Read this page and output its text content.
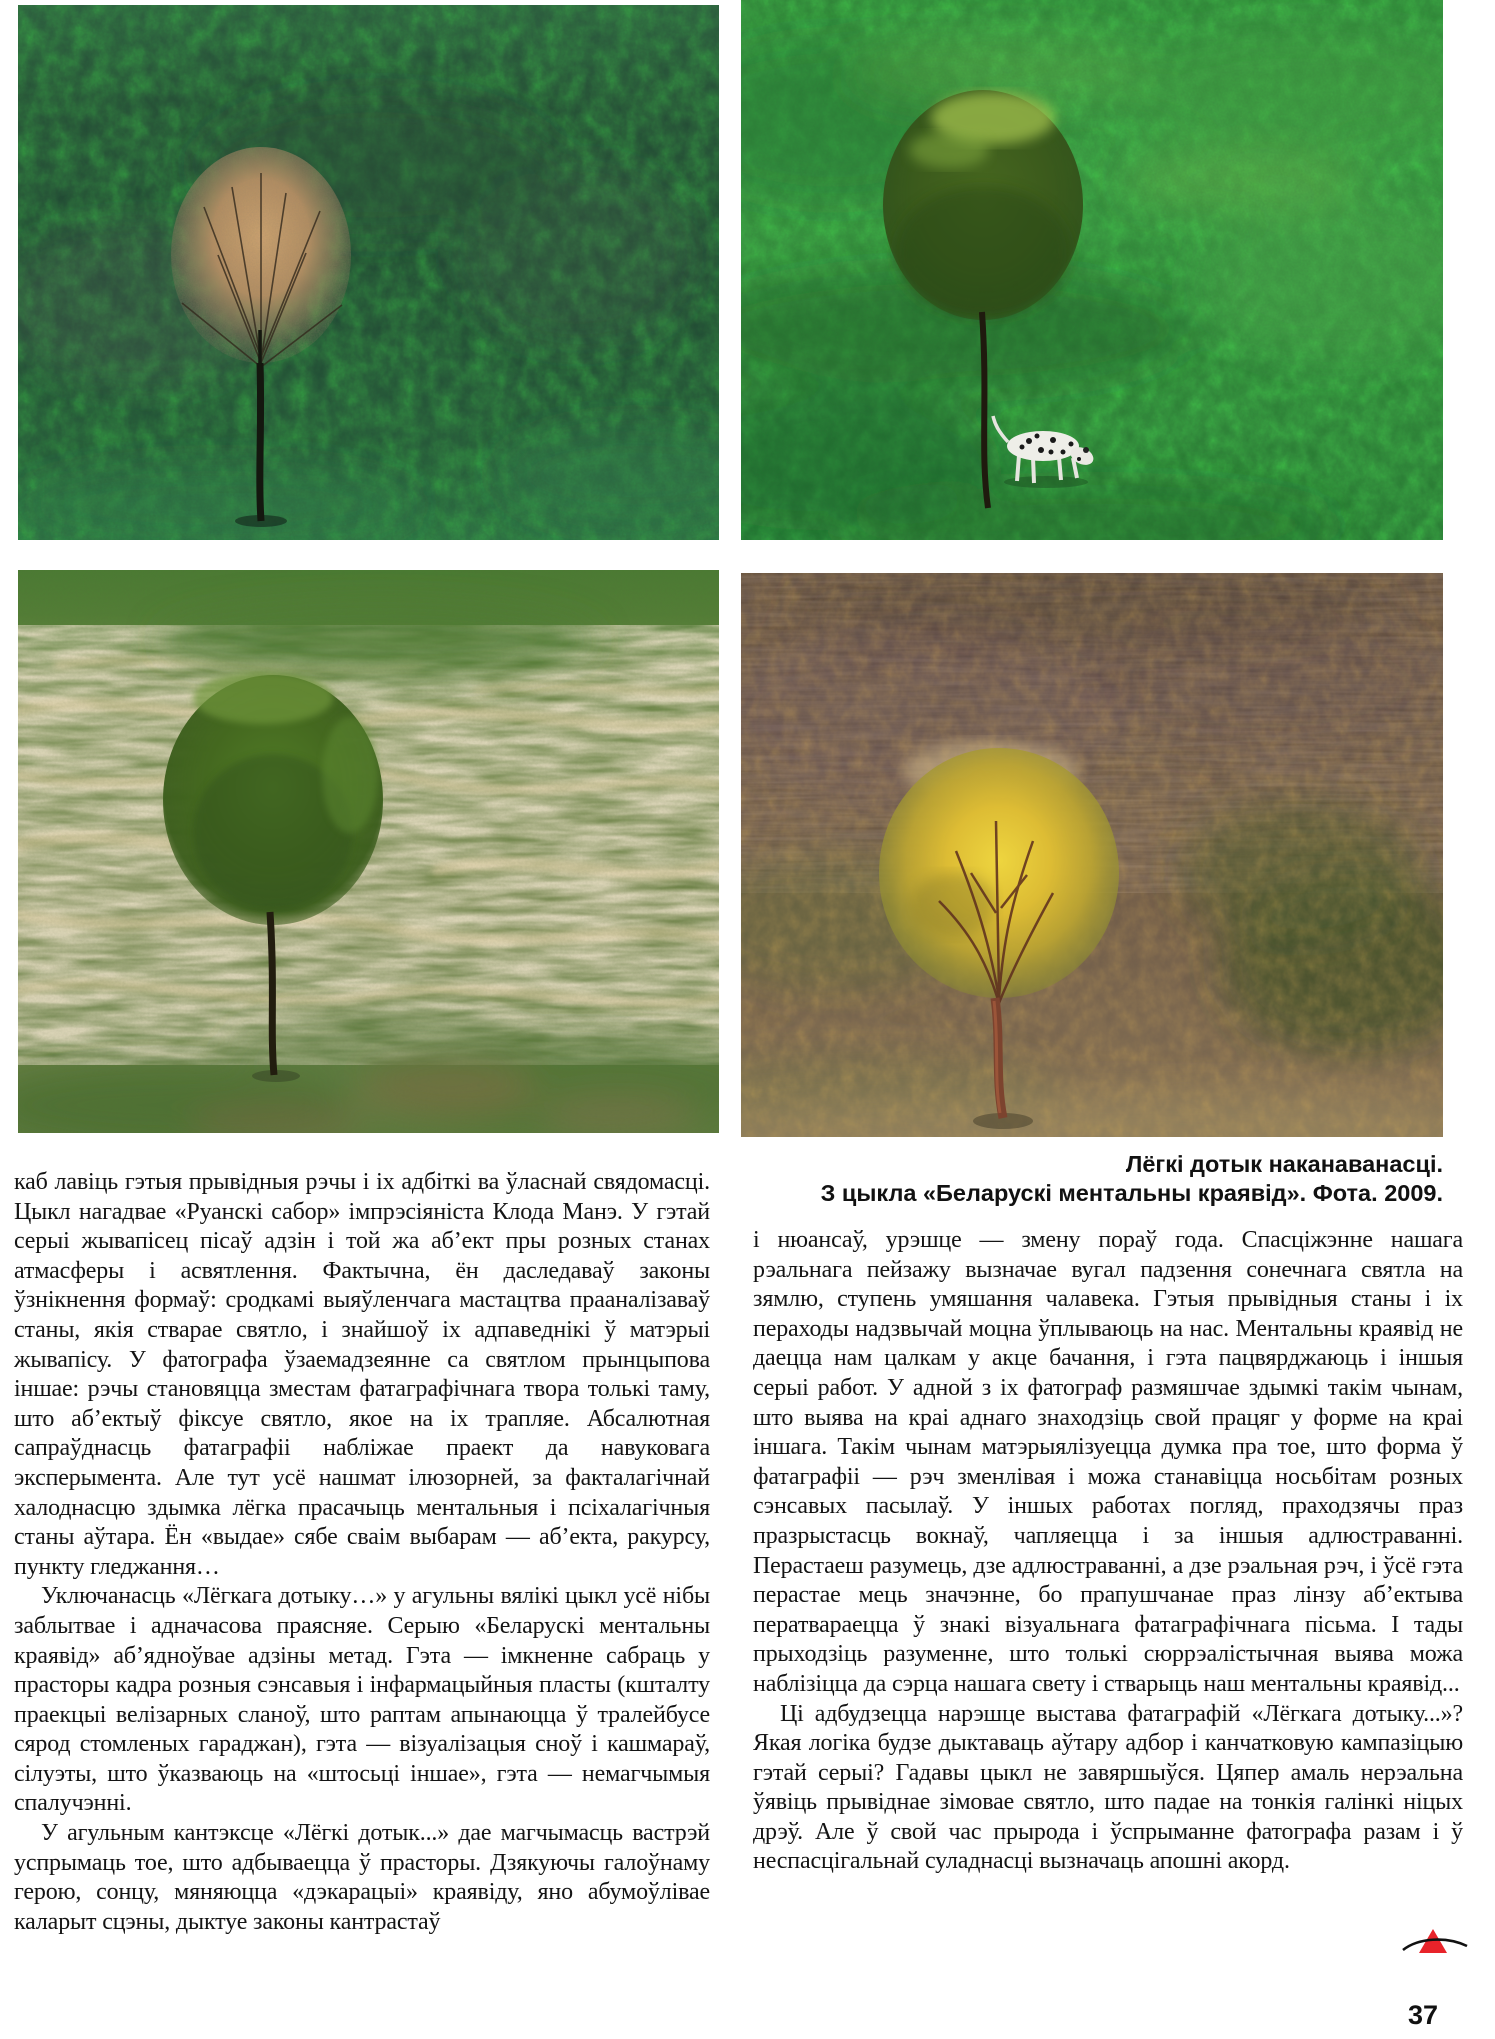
Лёгкі дотык наканаванасці.
З цыкла «Беларускі ментальны краявід». Фота. 2009.

каб лавіць гэтыя прывідныя рэчы і іх адбіткі ва ўласнай свядомасці. Цыкл нагадвае «Руанскі сабор» імпрэсіяніста Клода Манэ. У гэтай серыі жывапісец пісаў адзін і той жа аб’ект пры розных станах атмасферы і асвятлення. Фактычна, ён даследаваў законы ўзнікнення формаў: сродкамі выяўленчага мастацтва прааналізаваў станы, якія стварае святло, і знайшоў іх адпаведнікі ў матэрыі жывапісу. У фатографа ўзаемадзеянне са святлом прынцыпова іншае: рэчы становяцца зместам фатаграфічнага твора толькі таму, што аб’ектыў фіксуе святло, якое на іх трапляе. Абсалютная сапраўднасць фатаграфіі набліжае праект да навуковага эксперымента. Але тут усё нашмат ілюзорней, за факталагічнай халоднасцю здымка лёгка прасачыць ментальныя і псіхалагічныя станы аўтара. Ён «выдае» сябе сваім выбарам — аб’екта, ракурсу, пункту гледжання…

Уключанасць «Лёгкага дотыку…» у агульны вялікі цыкл усё нібы заблытвае і адначасова праясняе. Серыю «Беларускі ментальны краявід» аб’ядноўвае адзіны метад. Гэта — імкненне сабраць у прасторы кадра розныя сэнсавыя і інфармацыйныя пласты (кшталту праекцыі велізарных сланоў, што раптам апынаюцца ў тралейбусе сярод стомленых гараджан), гэта — візуалізацыя сноў і кашмараў, сілуэты, што ўказваюць на «штосьці іншае», гэта — немагчымыя спалучэнні.

У агульным кантэксце «Лёгкі дотык...» дае магчымасць вастрэй успрымаць тое, што адбываецца ў прасторы. Дзякуючы галоўнаму герою, сонцу, мяняюцца «дэкарацыі» краявіду, яно абумоўлівае каларыт сцэны, дыктуе законы кантрастаў

і нюансаў, урэшце — змену пораў года. Спасціжэнне нашага рэальнага пейзажу вызначае вугал падзення сонечнага святла на зямлю, ступень умяшання чалавека. Гэтыя прывідныя станы і іх пераходы надзвычай моцна ўплываюць на нас. Ментальны краявід не даецца нам цалкам у акце бачання, і гэта пацвярджаюць і іншыя серыі работ. У адной з іх фатограф размяшчае здымкі такім чынам, што выява на краі аднаго знаходзіць свой працяг у форме на краі іншага. Такім чынам матэрыялізуецца думка пра тое, што форма ў фатаграфіі — рэч зменлівая і можа станавіцца носьбітам розных сэнсавых пасылаў. У іншых работах погляд, праходзячы праз празрыстасць вокнаў, чапляецца і за іншыя адлюстраванні. Перастаеш разумець, дзе адлюстраванні, а дзе рэальная рэч, і ўсё гэта перастае мець значэнне, бо прапушчанае праз лінзу аб’ектыва ператвараецца ў знакі візуальнага фатаграфічнага пісьма. І тады прыходзіць разуменне, што толькі сюррэалістычная выява можа наблізіцца да сэрца нашага свету і стварыць наш ментальны краявід...

Ці адбудзецца нарэшце выстава фатаграфій «Лёгкага дотыку...»? Якая логіка будзе дыктаваць аўтару адбор і канчатковую кампазіцыю гэтай серыі? Гадавы цыкл не завяршыўся. Цяпер амаль нерэальна ўявіць прывіднае зімовае святло, што падае на тонкія галінкі ніцых дрэў. Але ў свой час прырода і ўспрыманне фатографа разам і ў неспасцігальнай суладнасці вызначаць апошні акорд.

37
